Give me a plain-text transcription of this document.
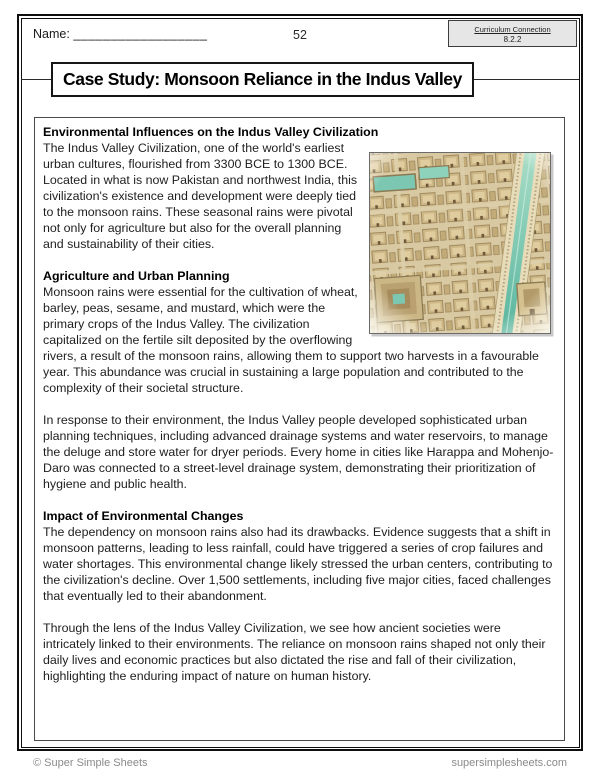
Name: __________________	52	Curriculum Connection
8.2.2
Case Study: Monsoon Reliance in the Indus Valley
Environmental Influences on the Indus Valley Civilization

The Indus Valley Civilization, one of the world's earliest urban cultures, flourished from 3300 BCE to 1300 BCE. Located in what is now Pakistan and northwest India, this civilization's existence and development were deeply tied to the monsoon rains. These seasonal rains were pivotal not only for agriculture but also for the overall planning and sustainability of their cities.

Agriculture and Urban Planning

Monsoon rains were essential for the cultivation of wheat, barley, peas, sesame, and mustard, which were the primary crops of the Indus Valley. The civilization capitalized on the fertile silt deposited by the overflowing rivers, a result of the monsoon rains, allowing them to support two harvests in a favourable year. This abundance was crucial in sustaining a large population and contributed to the complexity of their societal structure.

In response to their environment, the Indus Valley people developed sophisticated urban planning techniques, including advanced drainage systems and water reservoirs, to manage the deluge and store water for dryer periods. Every home in cities like Harappa and Mohenjo-Daro was connected to a street-level drainage system, demonstrating their prioritization of hygiene and public health.

Impact of Environmental Changes

The dependency on monsoon rains also had its drawbacks. Evidence suggests that a shift in monsoon patterns, leading to less rainfall, could have triggered a series of crop failures and water shortages. This environmental change likely stressed the urban centers, contributing to the civilization's decline. Over 1,500 settlements, including five major cities, faced challenges that eventually led to their abandonment.

Through the lens of the Indus Valley Civilization, we see how ancient societies were intricately linked to their environments. The reliance on monsoon rains shaped not only their daily lives and economic practices but also dictated the rise and fall of their civilization, highlighting the enduring impact of nature on human history.

© Super Simple Sheets	supersimplesheets.com
